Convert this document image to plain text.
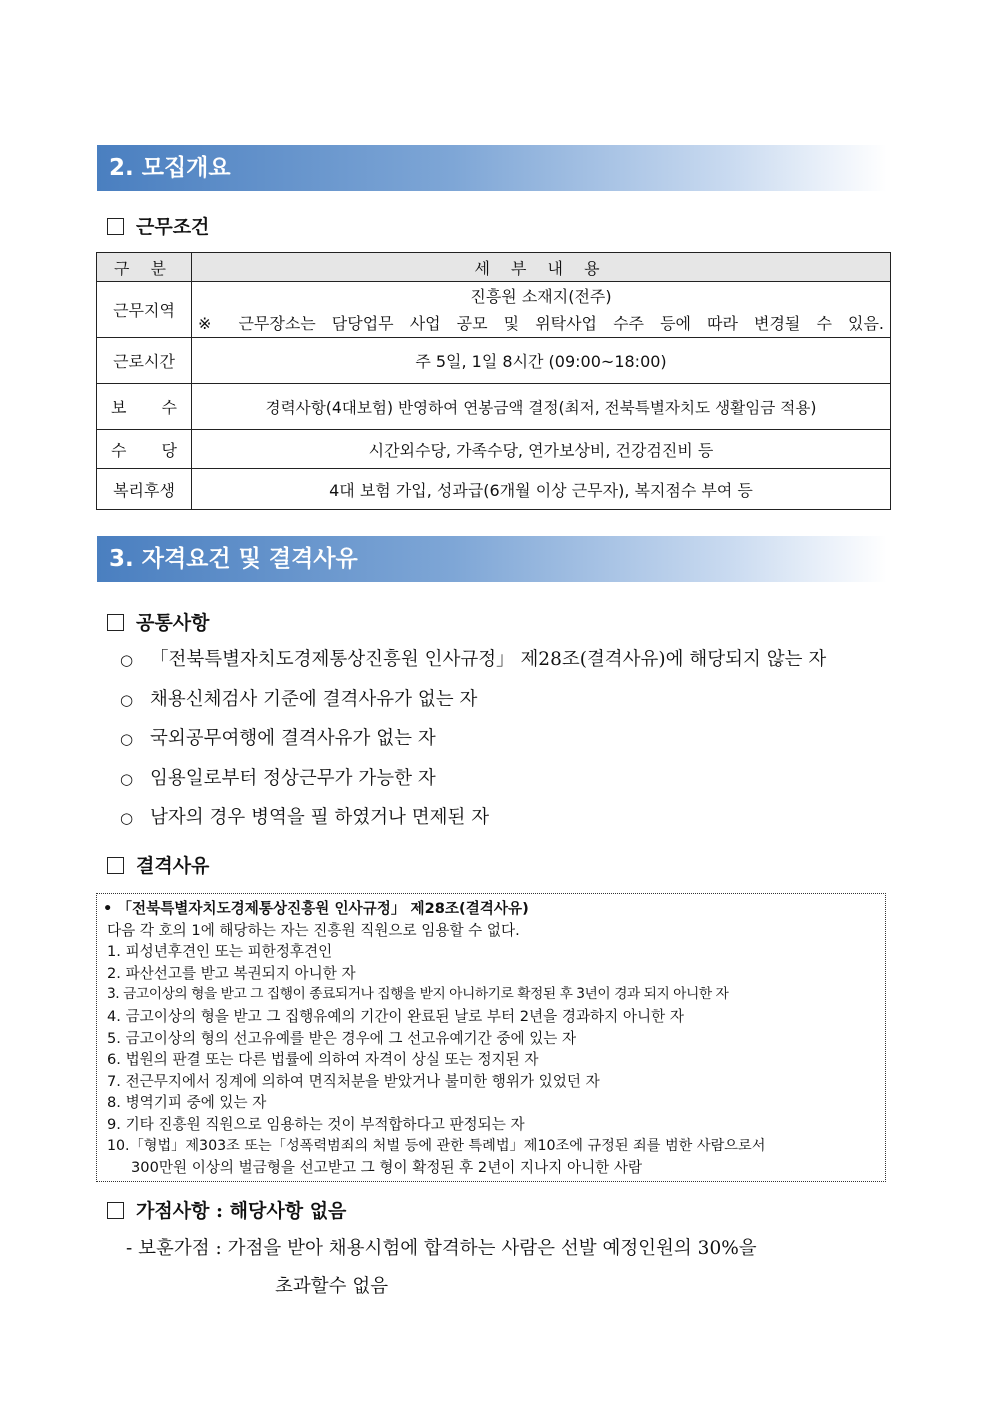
2. 모집개요
근무조건
구 분	세 부 내 용
근무지역	진흥원 소재지(전주)
※ 근무장소는 담당업무 사업 공모 및 위탁사업 수주 등에 따라 변경될 수 있음.

근로시간	주 5일, 1일 8시간 (09:00~18:00)
보 수	경력사항(4대보험) 반영하여 연봉금액 결정(최저, 전북특별자치도 생활임금 적용)
수 당	시간외수당, 가족수당, 연가보상비, 건강검진비 등
복리후생	4대 보험 가입, 성과급(6개월 이상 근무자), 복지점수 부여 등
3. 자격요건 및 결격사유
공통사항
○ 「전북특별자치도경제통상진흥원 인사규정」 제28조(결격사유)에 해당되지 않는 자
○ 채용신체검사 기준에 결격사유가 없는 자
○ 국외공무여행에 결격사유가 없는 자
○ 임용일로부터 정상근무가 가능한 자
○ 남자의 경우 병역을 필 하였거나 면제된 자
결격사유
• 「전북특별자치도경제통상진흥원 인사규정」 제28조(결격사유)
다음 각 호의 1에 해당하는 자는 진흥원 직원으로 임용할 수 없다.
1. 피성년후견인 또는 피한정후견인
2. 파산선고를 받고 복권되지 아니한 자
3. 금고이상의 형을 받고 그 집행이 종료되거나 집행을 받지 아니하기로 확정된 후 3년이 경과 되지 아니한 자
4. 금고이상의 형을 받고 그 집행유예의 기간이 완료된 날로 부터 2년을 경과하지 아니한 자
5. 금고이상의 형의 선고유예를 받은 경우에 그 선고유예기간 중에 있는 자
6. 법원의 판결 또는 다른 법률에 의하여 자격이 상실 또는 정지된 자
7. 전근무지에서 징계에 의하여 면직처분을 받았거나 불미한 행위가 있었던 자
8. 병역기피 중에 있는 자
9. 기타 진흥원 직원으로 임용하는 것이 부적합하다고 판정되는 자
10.「형법」제303조 또는「성폭력범죄의 처벌 등에 관한 특례법」제10조에 규정된 죄를 범한 사람으로서
300만원 이상의 벌금형을 선고받고 그 형이 확정된 후 2년이 지나지 아니한 사람
가점사항 : 해당사항 없음
- 보훈가점 : 가점을 받아 채용시험에 합격하는 사람은 선발 예정인원의 30%을
초과할수 없음
